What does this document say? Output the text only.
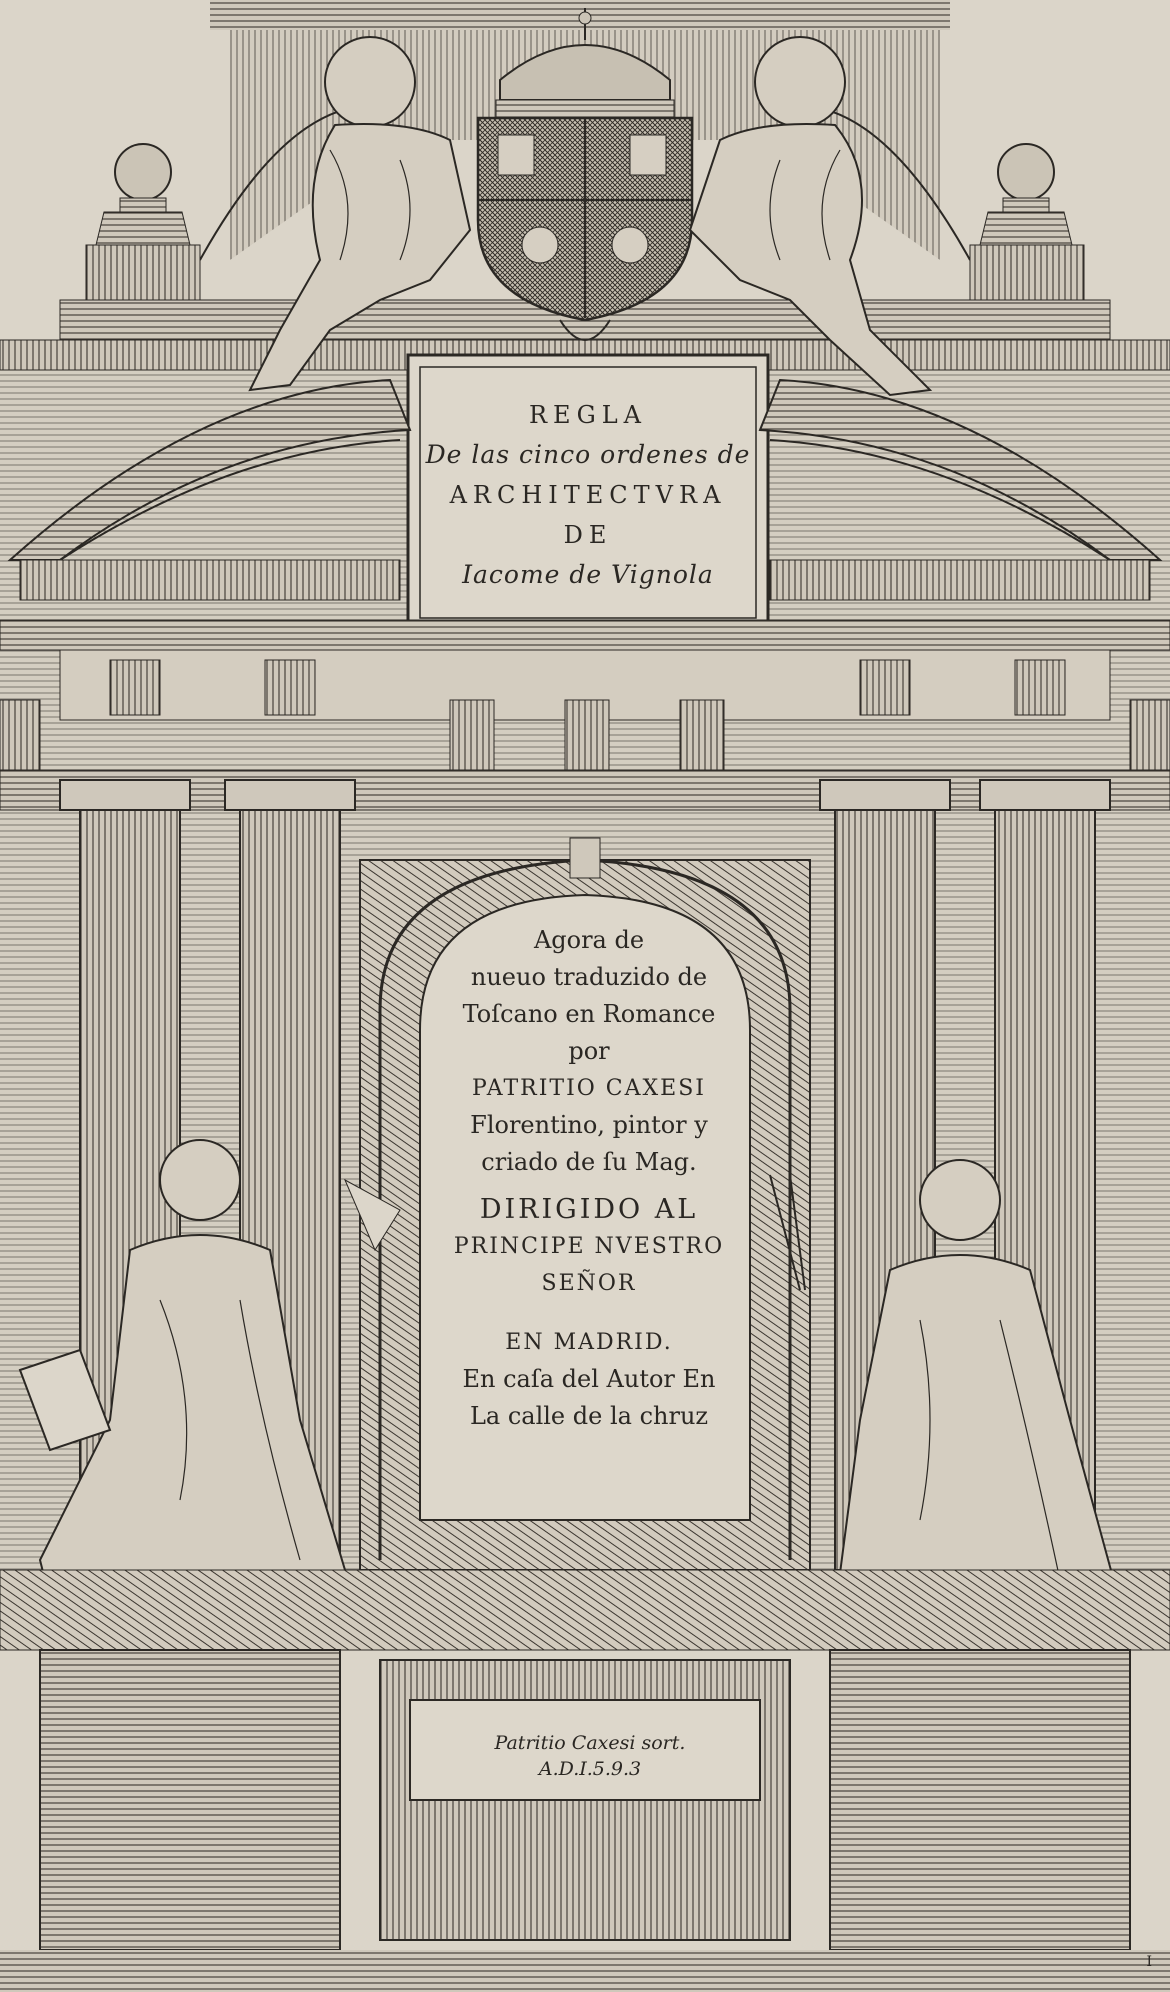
REGLA
De las cinco ordenes de
ARCHITECTVRA
DE
Iacome de Vignola
Agora de
nueuo traduzido de
Toſcano en Romance
por
PATRITIO CAXESI
Florentino, pintor y
criado de ſu Mag.
DIRIGIDO AL
PRINCIPE NVESTRO
SEÑOR
EN MADRID.
En caſa del Autor En
La calle de la chruz
Patritio Caxesi sort.
A.D.I.5.9.3
I
